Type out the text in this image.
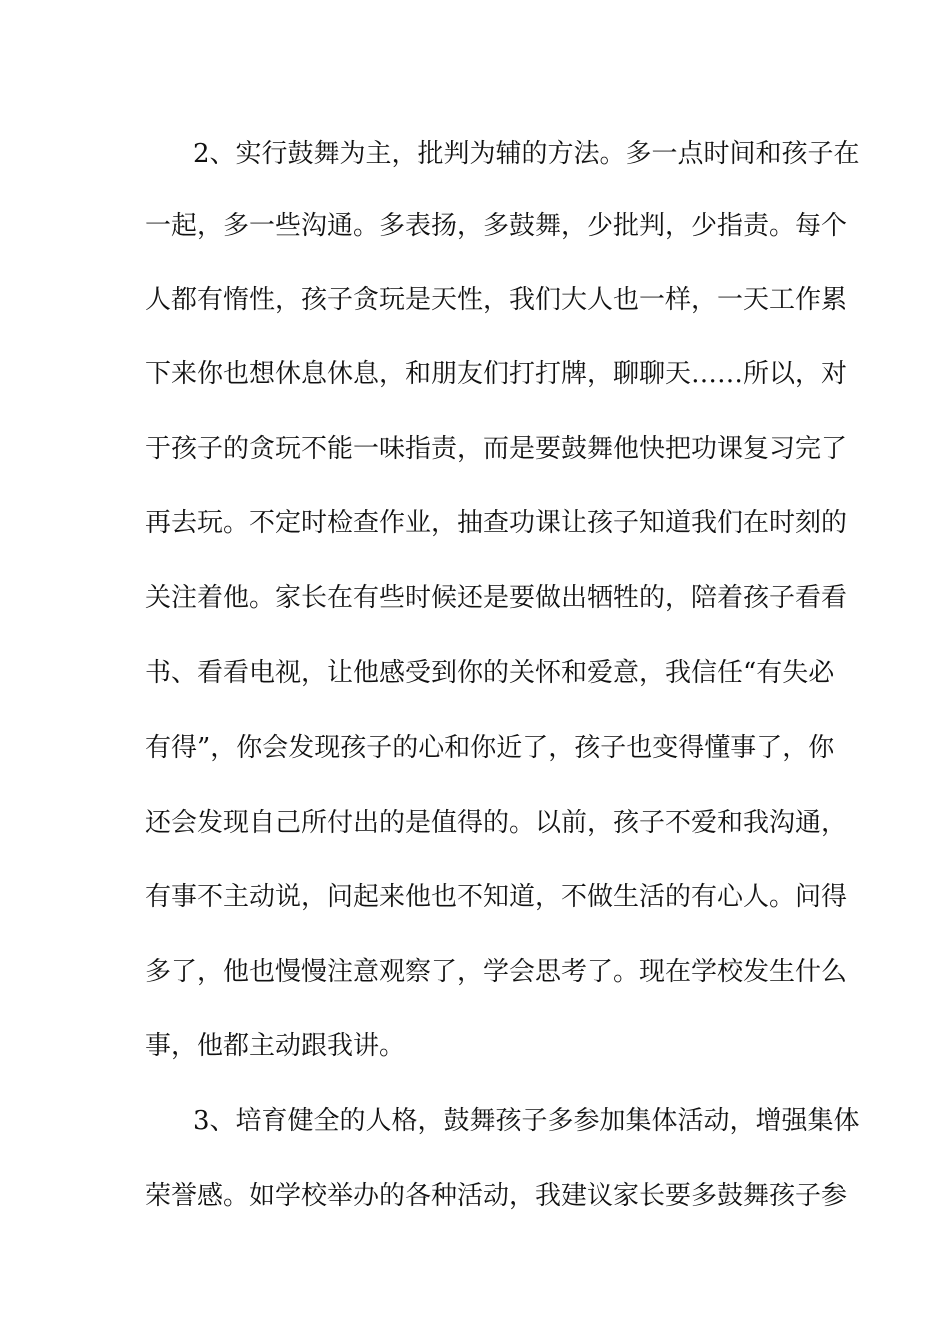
2、实行鼓舞为主，批判为辅的方法。多一点时间和孩子在
一起，多一些沟通。多表扬，多鼓舞，少批判，少指责。每个
人都有惰性，孩子贪玩是天性，我们大人也一样，一天工作累
下来你也想休息休息，和朋友们打打牌，聊聊天……所以，对
于孩子的贪玩不能一味指责，而是要鼓舞他快把功课复习完了
再去玩。不定时检查作业，抽查功课让孩子知道我们在时刻的
关注着他。家长在有些时候还是要做出牺牲的，陪着孩子看看
书、看看电视，让他感受到你的关怀和爱意，我信任“有失必
有得”，你会发现孩子的心和你近了，孩子也变得懂事了，你
还会发现自己所付出的是值得的。以前，孩子不爱和我沟通，
有事不主动说，问起来他也不知道，不做生活的有心人。问得
多了，他也慢慢注意观察了，学会思考了。现在学校发生什么
事，他都主动跟我讲。
3、培育健全的人格，鼓舞孩子多参加集体活动，增强集体
荣誉感。如学校举办的各种活动，我建议家长要多鼓舞孩子参
